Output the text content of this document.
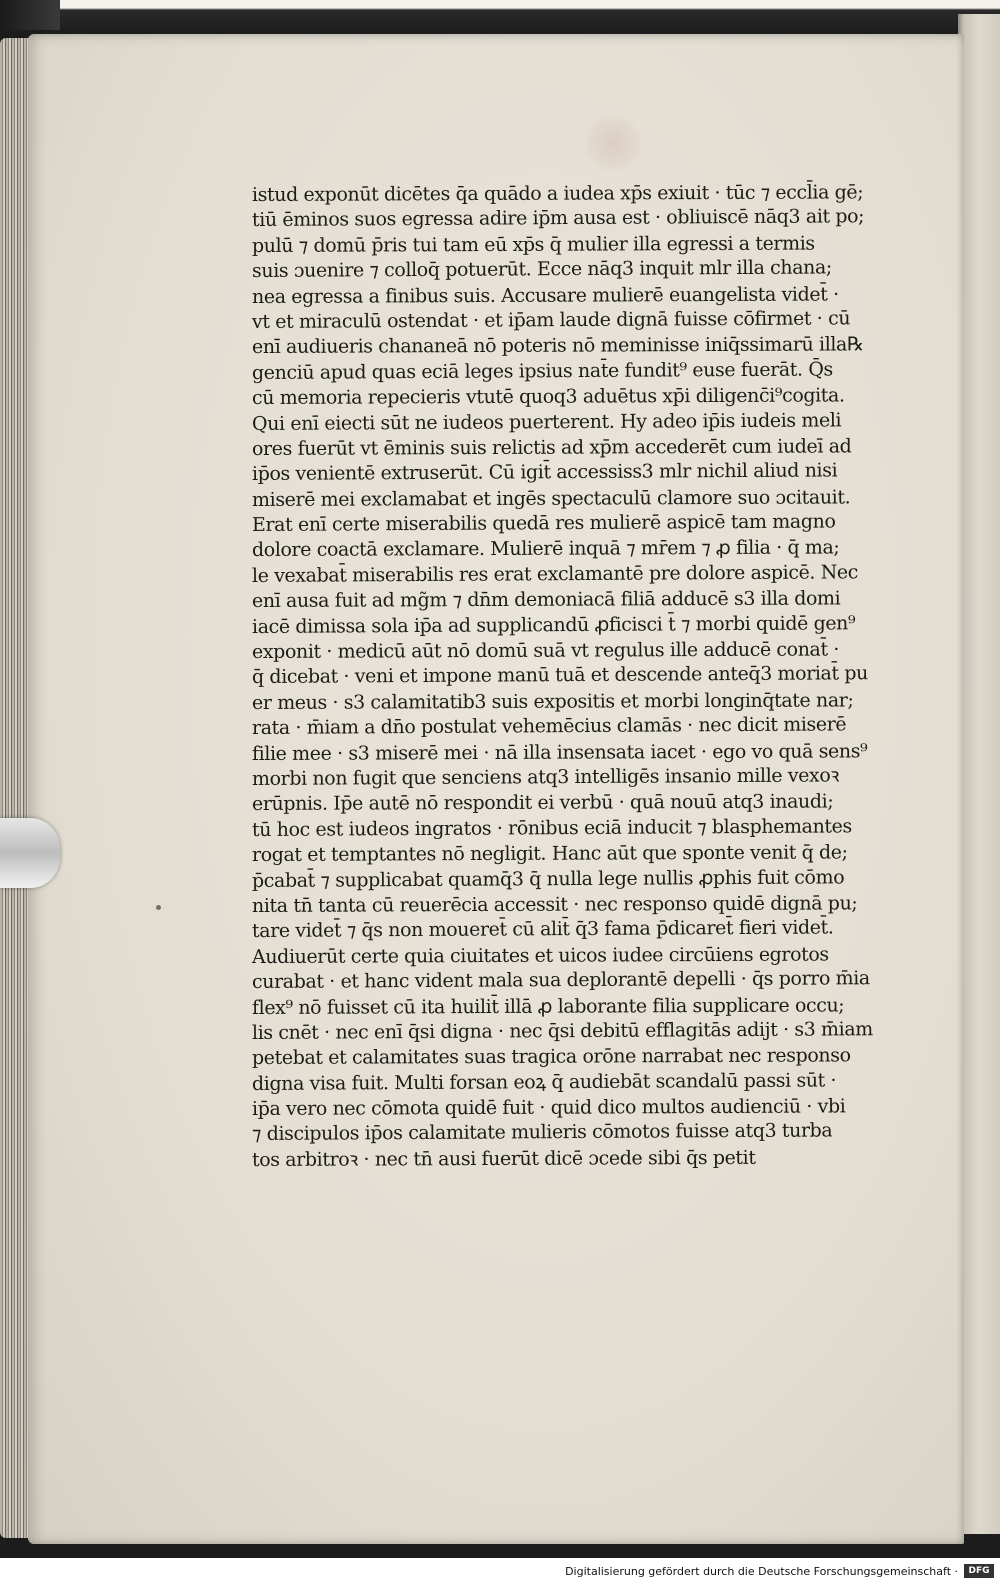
istud exponūt dicētes q̄a quādo a iudea xp̄s exiuit · tūc ⁊ eccl̄ia gē;
tiū ēminos suos egressa adire ip̄m ausa est · obliuiscē nāq3 ait po;
pulū ⁊ domū p̄ris tui tam eū xp̄s q̄ mulier illa egressi a termis
suis ɔuenire ⁊ colloq̄ potuerūt. Ecce nāq3 inquit mlr illa chana;
nea egressa a finibus suis. Accusare mulierē euangelista videt̄ ·
vt et miraculū ostendat · et ip̄am laude dignā fuisse cōfirmet · cū
enī audiueris chananeā nō poteris nō meminisse iniq̄ssimarū illa℞
genciū apud quas eciā leges ipsius nat̄e fundit⁹ euse fuerāt. Q̄s
cū memoria repecieris vtutē quoq3 aduētus xp̄i diligenc̄i⁹cogita.
Qui enī eiecti sūt ne iudeos puerterent. Hy adeo ip̄is iudeis meli
ores fuerūt vt ēminis suis relictis ad xp̄m accederēt cum iudeī ad
ip̄os venientē extruserūt. Cū igit̄ accessiss3 mlr nichil aliud nisi
miserē mei exclamabat et ingēs spectaculū clamore suo ɔcitauit.
Erat enī certe miserabilis quedā res mulierē aspicē tam magno
dolore coactā exclamare. Mulierē inquā ⁊ mr̄em ⁊ ꝓ filia · q̄ ma;
le vexabat̄ miserabilis res erat exclamantē pre dolore aspicē. Nec
enī ausa fuit ad mg̃m ⁊ dn̄m demoniacā filiā adducē s3 illa domi
iacē dimissa sola ip̄a ad supplicandū ꝓficisci t̄ ⁊ morbi quidē gen⁹
exponit · medicū aūt nō domū suā vt regulus ille adducē conat̄ ·
q̄ dicebat · veni et impone manū tuā et descende anteq̄3 moriat̄ pu
er meus · s3 calamitatib3 suis expositis et morbi longinq̄tate nar;
rata · m̄iam a dn̄o postulat vehemēcius clamās · nec dicit miserē
filie mee · s3 miserē mei · nā illa insensata iacet · ego vo quā sens⁹
morbi non fugit que senciens atq3 intelligēs insanio mille vexoꝛ
erūpnis. Ip̄e autē nō respondit ei verbū · quā nouū atq3 inaudi;
tū hoc est iudeos ingratos · rōnibus eciā inducit ⁊ blasphemantes
rogat et temptantes nō negligit. Hanc aūt que sponte venit q̄ de;
p̄cabat̄ ⁊ supplicabat quamq̄3 q̄ nulla lege nullis ꝓphis fuit cōmo
nita tn̄ tanta cū reuerēcia accessit · nec responso quidē dignā pu;
tare videt̄ ⁊ q̄s non moueret̄ cū alit̄ q̄3 fama p̄dicaret̄ fieri videt̄.
Audiuerūt certe quia ciuitates et uicos iudee circūiens egrotos
curabat · et hanc vident mala sua deplorantē depelli · q̄s porro m̄ia
flex⁹ nō fuisset cū ita huilit̄ illā ꝓ laborante filia supplicare occu;
lis cnēt · nec enī q̄si digna · nec q̄si debitū efflagitās adijt · s3 m̄iam
petebat et calamitates suas tragica orōne narrabat nec responso
digna visa fuit. Multi forsan eoꝝ q̄ audiebāt scandalū passi sūt ·
ip̄a vero nec cōmota quidē fuit · quid dico multos audienciū · vbi
⁊ discipulos ip̄os calamitate mulieris cōmotos fuisse atq3 turba
tos arbitroꝛ · nec tn̄ ausi fuerūt dicē ɔcede sibi q̄s petit
Digitalisierung gefördert durch die Deutsche Forschungsgemeinschaft ·	DFG
